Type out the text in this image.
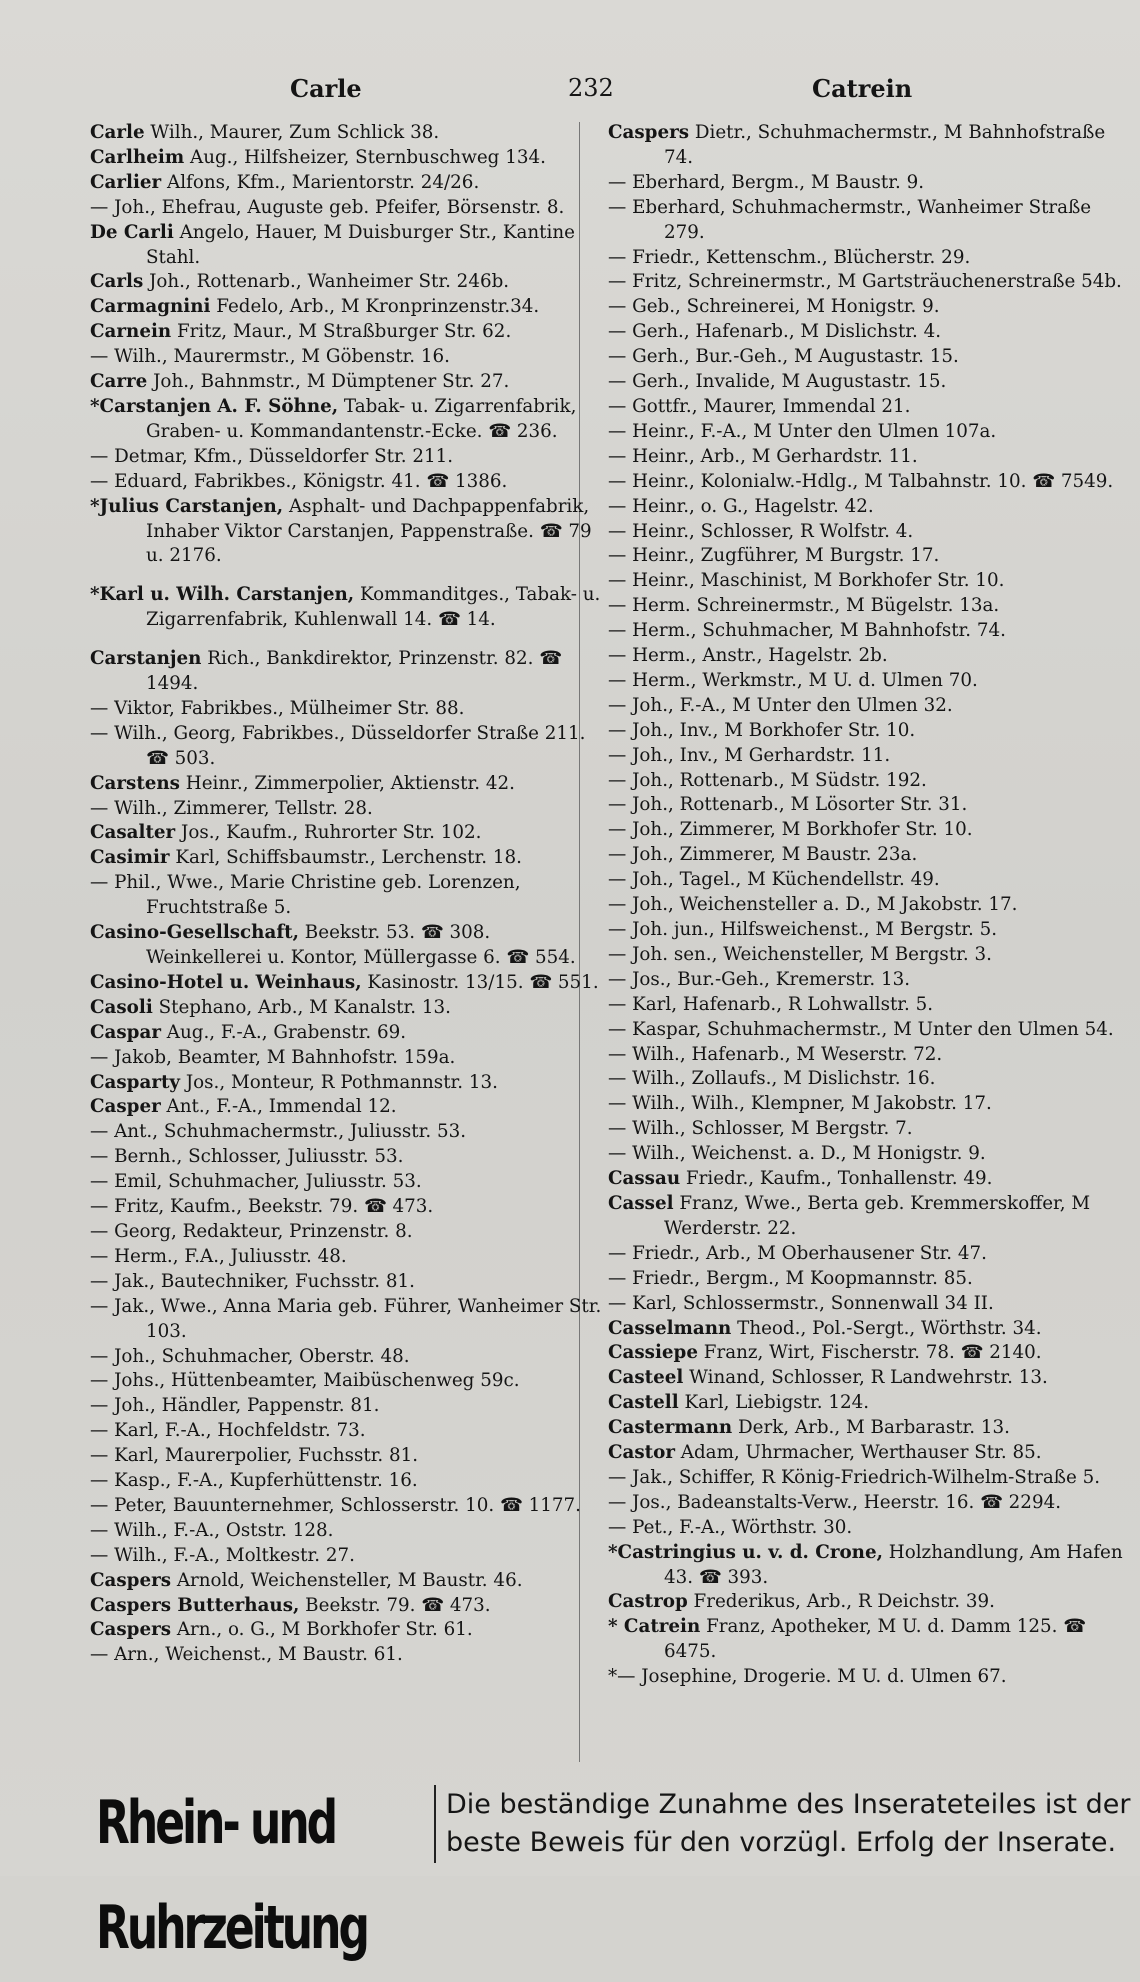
Carle	232	Catrein
Carle Wilh., Maurer, Zum Schlick 38.
Carlheim Aug., Hilfsheizer, Sternbuschweg 134.
Carlier Alfons, Kfm., Marientorstr. 24/26.
— Joh., Ehefrau, Auguste geb. Pfeifer, Börsenstr. 8.
De Carli Angelo, Hauer, M Duisburger Str., Kantine Stahl.
Carls Joh., Rottenarb., Wanheimer Str. 246b.
Carmagnini Fedelo, Arb., M Kronprinzenstr.34.
Carnein Fritz, Maur., M Straßburger Str. 62.
— Wilh., Maurermstr., M Göbenstr. 16.
Carre Joh., Bahnmstr., M Dümptener Str. 27.
*Carstanjen A. F. Söhne, Tabak- u. Zigarrenfabrik, Graben- u. Kommandantenstr.-Ecke. ☎ 236.
— Detmar, Kfm., Düsseldorfer Str. 211.
— Eduard, Fabrikbes., Königstr. 41. ☎ 1386.
*Julius Carstanjen, Asphalt- und Dachpappenfabrik, Inhaber Viktor Carstanjen, Pappenstraße. ☎ 79 u. 2176.
*Karl u. Wilh. Carstanjen, Kommanditges., Tabak- u. Zigarrenfabrik, Kuhlenwall 14. ☎ 14.
Carstanjen Rich., Bankdirektor, Prinzenstr. 82. ☎ 1494.
— Viktor, Fabrikbes., Mülheimer Str. 88.
— Wilh., Georg, Fabrikbes., Düsseldorfer Straße 211. ☎ 503.
Carstens Heinr., Zimmerpolier, Aktienstr. 42.
— Wilh., Zimmerer, Tellstr. 28.
Casalter Jos., Kaufm., Ruhrorter Str. 102.
Casimir Karl, Schiffsbaumstr., Lerchenstr. 18.
— Phil., Wwe., Marie Christine geb. Lorenzen, Fruchtstraße 5.
Casino-Gesellschaft, Beekstr. 53. ☎ 308. Weinkellerei u. Kontor, Müllergasse 6. ☎ 554.
Casino-Hotel u. Weinhaus, Kasinostr. 13/15. ☎ 551.
Casoli Stephano, Arb., M Kanalstr. 13.
Caspar Aug., F.-A., Grabenstr. 69.
— Jakob, Beamter, M Bahnhofstr. 159a.
Casparty Jos., Monteur, R Pothmannstr. 13.
Casper Ant., F.-A., Immendal 12.
— Ant., Schuhmachermstr., Juliusstr. 53.
— Bernh., Schlosser, Juliusstr. 53.
— Emil, Schuhmacher, Juliusstr. 53.
— Fritz, Kaufm., Beekstr. 79. ☎ 473.
— Georg, Redakteur, Prinzenstr. 8.
— Herm., F.A., Juliusstr. 48.
— Jak., Bautechniker, Fuchsstr. 81.
— Jak., Wwe., Anna Maria geb. Führer, Wanheimer Str. 103.
— Joh., Schuhmacher, Oberstr. 48.
— Johs., Hüttenbeamter, Maibüschenweg 59c.
— Joh., Händler, Pappenstr. 81.
— Karl, F.-A., Hochfeldstr. 73.
— Karl, Maurerpolier, Fuchsstr. 81.
— Kasp., F.-A., Kupferhüttenstr. 16.
— Peter, Bauunternehmer, Schlosserstr. 10. ☎ 1177.
— Wilh., F.-A., Oststr. 128.
— Wilh., F.-A., Moltkestr. 27.
Caspers Arnold, Weichensteller, M Baustr. 46.
Caspers Butterhaus, Beekstr. 79. ☎ 473.
Caspers Arn., o. G., M Borkhofer Str. 61.
— Arn., Weichenst., M Baustr. 61.
Caspers Dietr., Schuhmachermstr., M Bahnhofstraße 74.
— Eberhard, Bergm., M Baustr. 9.
— Eberhard, Schuhmachermstr., Wanheimer Straße 279.
— Friedr., Kettenschm., Blücherstr. 29.
— Fritz, Schreinermstr., M Gartsträuchenerstraße 54b.
— Geb., Schreinerei, M Honigstr. 9.
— Gerh., Hafenarb., M Dislichstr. 4.
— Gerh., Bur.-Geh., M Augustastr. 15.
— Gerh., Invalide, M Augustastr. 15.
— Gottfr., Maurer, Immendal 21.
— Heinr., F.-A., M Unter den Ulmen 107a.
— Heinr., Arb., M Gerhardstr. 11.
— Heinr., Kolonialw.-Hdlg., M Talbahnstr. 10. ☎ 7549.
— Heinr., o. G., Hagelstr. 42.
— Heinr., Schlosser, R Wolfstr. 4.
— Heinr., Zugführer, M Burgstr. 17.
— Heinr., Maschinist, M Borkhofer Str. 10.
— Herm. Schreinermstr., M Bügelstr. 13a.
— Herm., Schuhmacher, M Bahnhofstr. 74.
— Herm., Anstr., Hagelstr. 2b.
— Herm., Werkmstr., M U. d. Ulmen 70.
— Joh., F.-A., M Unter den Ulmen 32.
— Joh., Inv., M Borkhofer Str. 10.
— Joh., Inv., M Gerhardstr. 11.
— Joh., Rottenarb., M Südstr. 192.
— Joh., Rottenarb., M Lösorter Str. 31.
— Joh., Zimmerer, M Borkhofer Str. 10.
— Joh., Zimmerer, M Baustr. 23a.
— Joh., Tagel., M Küchendellstr. 49.
— Joh., Weichensteller a. D., M Jakobstr. 17.
— Joh. jun., Hilfsweichenst., M Bergstr. 5.
— Joh. sen., Weichensteller, M Bergstr. 3.
— Jos., Bur.-Geh., Kremerstr. 13.
— Karl, Hafenarb., R Lohwallstr. 5.
— Kaspar, Schuhmachermstr., M Unter den Ulmen 54.
— Wilh., Hafenarb., M Weserstr. 72.
— Wilh., Zollaufs., M Dislichstr. 16.
— Wilh., Wilh., Klempner, M Jakobstr. 17.
— Wilh., Schlosser, M Bergstr. 7.
— Wilh., Weichenst. a. D., M Honigstr. 9.
Cassau Friedr., Kaufm., Tonhallenstr. 49.
Cassel Franz, Wwe., Berta geb. Kremmerskoffer, M Werderstr. 22.
— Friedr., Arb., M Oberhausener Str. 47.
— Friedr., Bergm., M Koopmannstr. 85.
— Karl, Schlossermstr., Sonnenwall 34 II.
Casselmann Theod., Pol.-Sergt., Wörthstr. 34.
Cassiepe Franz, Wirt, Fischerstr. 78. ☎ 2140.
Casteel Winand, Schlosser, R Landwehrstr. 13.
Castell Karl, Liebigstr. 124.
Castermann Derk, Arb., M Barbarastr. 13.
Castor Adam, Uhrmacher, Werthauser Str. 85.
— Jak., Schiffer, R König-Friedrich-Wilhelm-Straße 5.
— Jos., Badeanstalts-Verw., Heerstr. 16. ☎ 2294.
— Pet., F.-A., Wörthstr. 30.
*Castringius u. v. d. Crone, Holzhandlung, Am Hafen 43. ☎ 393.
Castrop Frederikus, Arb., R Deichstr. 39.
* Catrein Franz, Apotheker, M U. d. Damm 125. ☎ 6475.
*— Josephine, Drogerie. M U. d. Ulmen 67.
Rhein- und Ruhrzeitung
Die beständige Zunahme des Inserateteiles ist der
beste Beweis für den vorzügl. Erfolg der Inserate.
